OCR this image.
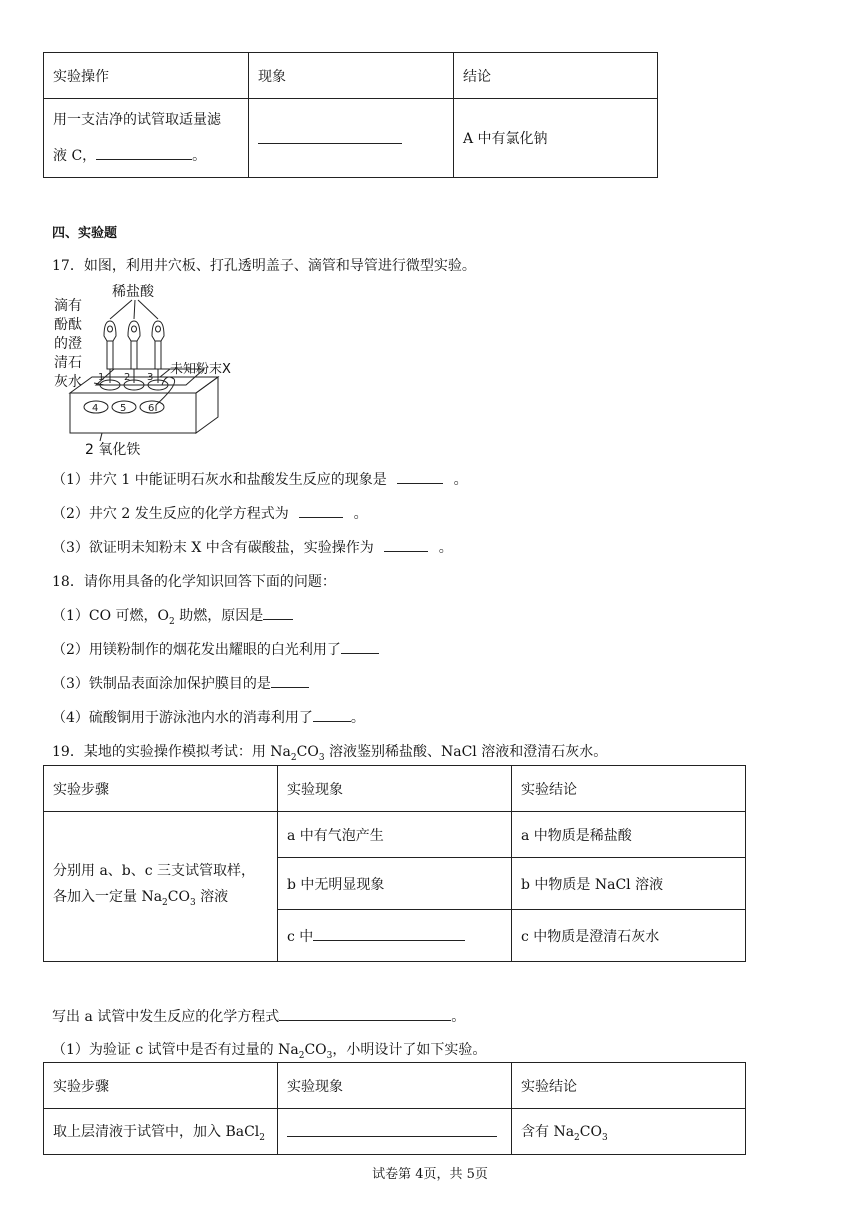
实验操作	现象	结论
用一支洁净的试管取适量滤
液 C， 。		A 中有氯化钠
四、实验题
17．如图，利用井穴板、打孔透明盖子、滴管和导管进行微型实验。
滴有
酚酞
的澄
清石
灰水
稀盐酸
未知粉末X
2 氧化铁
1 2 3
4 5 6
（1）井穴 1 中能证明石灰水和盐酸发生反应的现象是	。
（2）井穴 2 发生反应的化学方程式为	。
（3）欲证明未知粉末 X 中含有碳酸盐，实验操作为	。
18．请你用具备的化学知识回答下面的问题：
（1）CO 可燃，$O_2$ 助燃，原因是
（2）用镁粉制作的烟花发出耀眼的白光利用了
（3）铁制品表面涂加保护膜目的是
（4）硫酸铜用于游泳池内水的消毒利用了	。
19．某地的实验操作模拟考试：用 $Na_2CO_3$ 溶液鉴别稀盐酸、NaCl 溶液和澄清石灰水。
实验步骤	实验现象	实验结论
分别用 a、b、c 三支试管取样，
各加入一定量 $Na_2CO_3$ 溶液	a 中有气泡产生	a 中物质是稀盐酸
	b 中无明显现象	b 中物质是 NaCl 溶液
	c 中	c 中物质是澄清石灰水
写出 a 试管中发生反应的化学方程式	。
（1）为验证 c 试管中是否有过量的 $Na_2CO_3$，小明设计了如下实验。
实验步骤	实验现象	实验结论
取上层清液于试管中，加入 BaCl$_2$		含有 $Na_2CO_3$
试卷第 4页，共 5页
